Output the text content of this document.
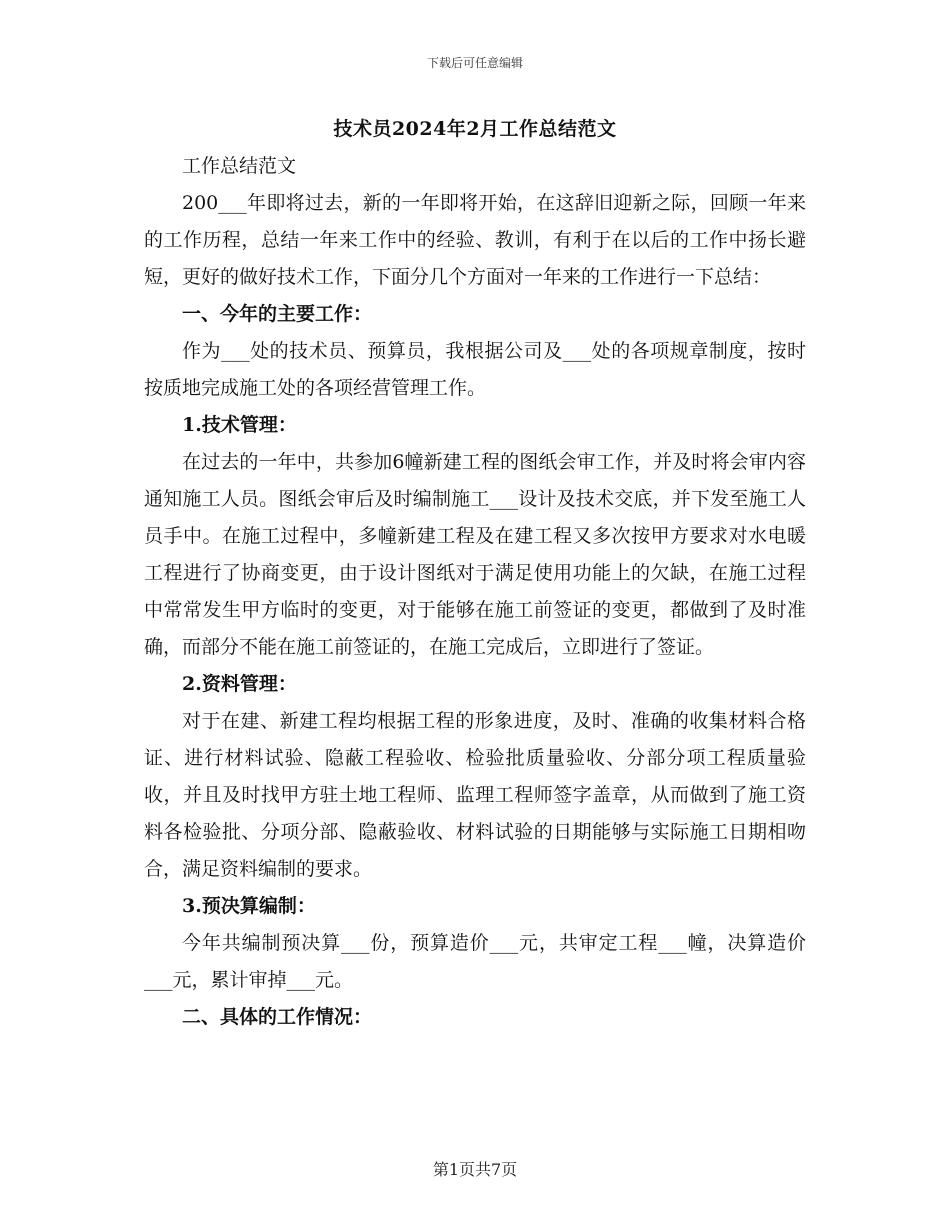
下载后可任意编辑
技术员2024年2月工作总结范文

工作总结范文

200___年即将过去，新的一年即将开始，在这辞旧迎新之际，回顾一年来的工作历程，总结一年来工作中的经验、教训，有利于在以后的工作中扬长避短，更好的做好技术工作，下面分几个方面对一年来的工作进行一下总结：

一、今年的主要工作：

作为___处的技术员、预算员，我根据公司及___处的各项规章制度，按时按质地完成施工处的各项经营管理工作。

1.技术管理：

在过去的一年中，共参加6幢新建工程的图纸会审工作，并及时将会审内容通知施工人员。图纸会审后及时编制施工___设计及技术交底，并下发至施工人员手中。在施工过程中，多幢新建工程及在建工程又多次按甲方要求对水电暖工程进行了协商变更，由于设计图纸对于满足使用功能上的欠缺，在施工过程中常常发生甲方临时的变更，对于能够在施工前签证的变更，都做到了及时准确，而部分不能在施工前签证的，在施工完成后，立即进行了签证。

2.资料管理：

对于在建、新建工程均根据工程的形象进度，及时、准确的收集材料合格证、进行材料试验、隐蔽工程验收、检验批质量验收、分部分项工程质量验收，并且及时找甲方驻土地工程师、监理工程师签字盖章，从而做到了施工资料各检验批、分项分部、隐蔽验收、材料试验的日期能够与实际施工日期相吻合，满足资料编制的要求。

3.预决算编制：

今年共编制预决算___份，预算造价___元，共审定工程___幢，决算造价___元，累计审掉___元。

二、具体的工作情况：

第1页共7页
